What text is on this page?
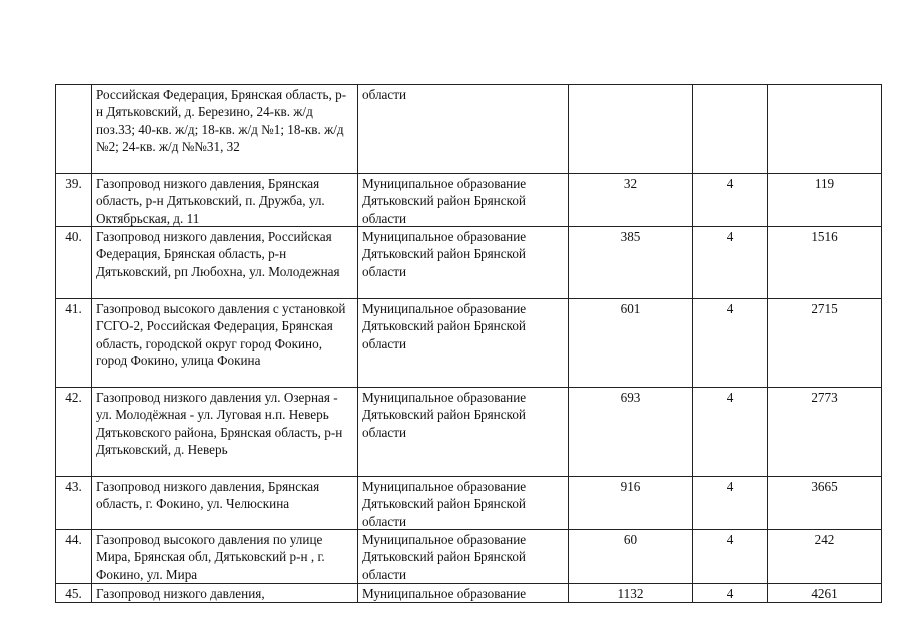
	Российская Федерация, Брянская область, р-н Дятьковский, д. Березино, 24-кв. ж/д поз.33; 40-кв. ж/д; 18-кв. ж/д №1; 18-кв. ж/д №2; 24-кв. ж/д №№31, 32	области			

39.	Газопровод низкого давления, Брянская область, р-н Дятьковский, п. Дружба, ул. Октябрьская, д. 11	Муниципальное образование Дятьковский район Брянской области	32	4	119

40.	Газопровод низкого давления, Российская Федерация, Брянская область, р-н Дятьковский, рп Любохна, ул. Молодежная	Муниципальное образование Дятьковский район Брянской области	385	4	1516

41.	Газопровод высокого давления с установкой ГСГО-2, Российская Федерация, Брянская область, городской округ город Фокино, город Фокино, улица Фокина	Муниципальное образование Дятьковский район Брянской области	601	4	2715

42.	Газопровод низкого давления ул. Озерная - ул. Молодёжная - ул. Луговая н.п. Неверь Дятьковского района, Брянская область, р-н Дятьковский, д. Неверь	Муниципальное образование Дятьковский район Брянской области	693	4	2773

43.	Газопровод низкого давления, Брянская область, г. Фокино, ул. Челюскина	Муниципальное образование Дятьковский район Брянской области	916	4	3665

44.	Газопровод высокого давления по улице Мира, Брянская обл, Дятьковский р-н , г. Фокино, ул. Мира	Муниципальное образование Дятьковский район Брянской области	60	4	242

45.	Газопровод низкого давления,	Муниципальное образование	1132	4	4261
